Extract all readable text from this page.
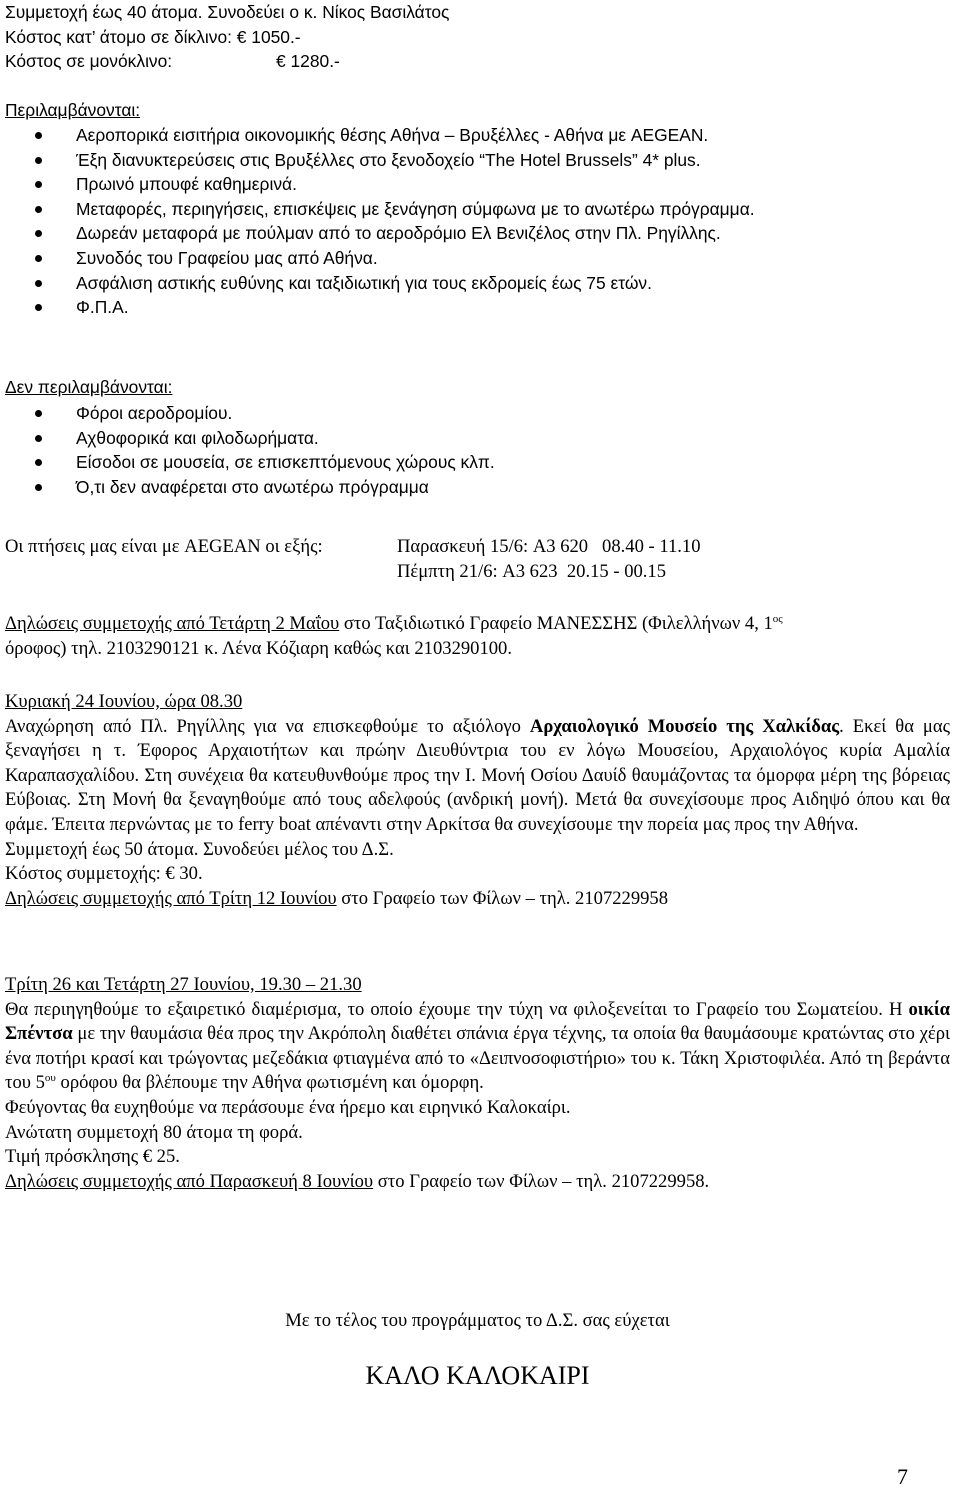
Συμμετοχή έως 40 άτομα. Συνοδεύει ο κ. Νίκος Βασιλάτος
Κόστος κατ’ άτομο σε δίκλινο: € 1050.-
Κόστος σε μονόκλινο:	€ 1280.-
Περιλαμβάνονται:
Αεροπορικά εισιτήρια οικονομικής θέσης Αθήνα – Βρυξέλλες - Αθήνα με AEGEAN.
Έξη διανυκτερεύσεις στις Βρυξέλλες στο ξενοδοχείο “The Hotel Brussels” 4* plus.
Πρωινό μπουφέ καθημερινά.
Μεταφορές, περιηγήσεις, επισκέψεις με ξενάγηση σύμφωνα με το ανωτέρω πρόγραμμα.
Δωρεάν μεταφορά με πούλμαν από το αεροδρόμιο Ελ Βενιζέλος στην Πλ. Ρηγίλλης.
Συνοδός του Γραφείου μας από Αθήνα.
Ασφάλιση αστικής ευθύνης και ταξιδιωτική για τους εκδρομείς έως 75 ετών.
Φ.Π.Α.
Δεν περιλαμβάνονται:
Φόροι αεροδρομίου.
Αχθοφορικά και φιλοδωρήματα.
Είσοδοι σε μουσεία, σε επισκεπτόμενους χώρους κλπ.
Ό,τι δεν αναφέρεται στο ανωτέρω πρόγραμμα
Οι πτήσεις μας είναι με AEGEAN οι εξής:	Παρασκευή 15/6: A3 620   08.40 - 11.10
Πέμπτη 21/6: A3 623  20.15 - 00.15
Δηλώσεις συμμετοχής από Τετάρτη 2 Μαΐου στο Ταξιδιωτικό Γραφείο ΜΑΝΕΣΣΗΣ (Φιλελλήνων 4, $1^{o\varsigma}$
όροφος) τηλ. 2103290121 κ. Λένα Κόζιαρη καθώς και 2103290100.
Κυριακή 24 Ιουνίου, ώρα 08.30
Αναχώρηση από Πλ. Ρηγίλλης για να επισκεφθούμε το αξιόλογο Αρχαιολογικό Μουσείο της Χαλκίδας. Εκεί θα μας ξεναγήσει η τ. Έφορος Αρχαιοτήτων και πρώην Διευθύντρια του εν λόγω Μουσείου, Αρχαιολόγος κυρία Αμαλία Καραπασχαλίδου. Στη συνέχεια θα κατευθυνθούμε προς την Ι. Μονή Οσίου Δαυίδ θαυμάζοντας τα όμορφα μέρη της βόρειας Εύβοιας. Στη Μονή θα ξεναγηθούμε από τους αδελφούς (ανδρική μονή). Μετά θα συνεχίσουμε προς Αιδηψό όπου και θα φάμε. Έπειτα περνώντας με το ferry boat απέναντι στην Αρκίτσα θα συνεχίσουμε την πορεία μας προς την Αθήνα.
Συμμετοχή έως 50 άτομα. Συνοδεύει μέλος του Δ.Σ.
Κόστος συμμετοχής: € 30.
Δηλώσεις συμμετοχής από Τρίτη 12 Ιουνίου στο Γραφείο των Φίλων – τηλ. 2107229958
Τρίτη 26 και Τετάρτη 27 Ιουνίου, 19.30 – 21.30
Θα περιηγηθούμε το εξαιρετικό διαμέρισμα, το οποίο έχουμε την τύχη να φιλοξενείται το Γραφείο του Σωματείου. Η οικία Σπέντσα με την θαυμάσια θέα προς την Ακρόπολη διαθέτει σπάνια έργα τέχνης, τα οποία θα θαυμάσουμε κρατώντας στο χέρι ένα ποτήρι κρασί και τρώγοντας μεζεδάκια φτιαγμένα από το «Δειπνοσοφιστήριο» του κ. Τάκη Χριστοφιλέα. Από τη βεράντα του $5^{o\upsilon}$ ορόφου θα βλέπουμε την Αθήνα φωτισμένη και όμορφη.
Φεύγοντας θα ευχηθούμε να περάσουμε ένα ήρεμο και ειρηνικό Καλοκαίρι.
Ανώτατη συμμετοχή 80 άτομα τη φορά.
Τιμή πρόσκλησης € 25.
Δηλώσεις συμμετοχής από Παρασκευή 8 Ιουνίου στο Γραφείο των Φίλων – τηλ. 2107229958.
Με το τέλος του προγράμματος το Δ.Σ. σας εύχεται
ΚΑΛΟ ΚΑΛΟΚΑΙΡΙ
7
